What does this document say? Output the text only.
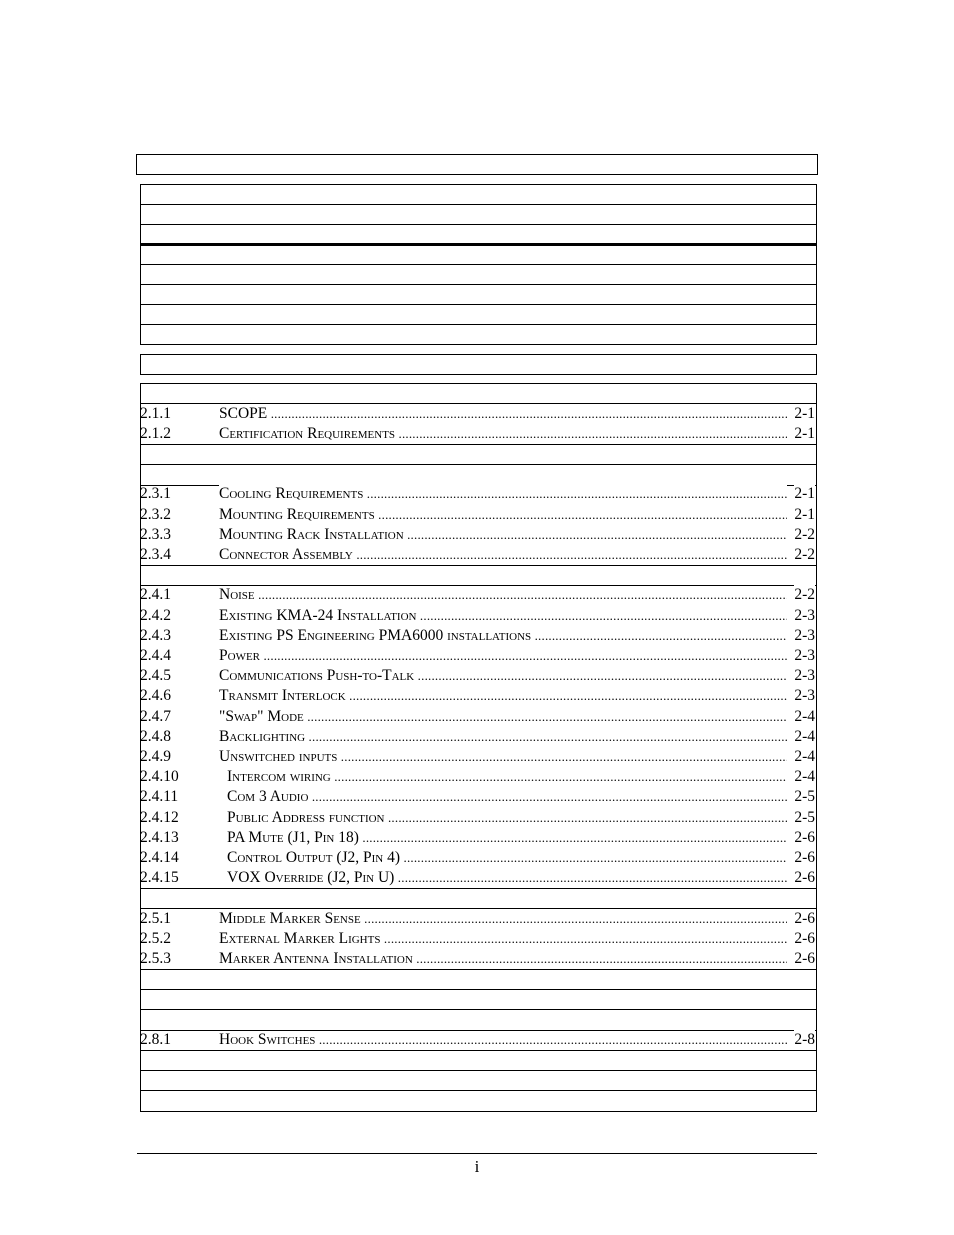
2.1.1	SCOPE .....	2-1
2.1.2	Certification Requirements .....	2-1
2.3.1	Cooling Requirements .....	2-1
2.3.2	Mounting Requirements .....	2-1
2.3.3	Mounting Rack Installation .....	2-2
2.3.4	Connector Assembly .....	2-2
2.4.1	Noise .....	2-2
2.4.2	Existing KMA-24 Installation .....	2-3
2.4.3	Existing PS Engineering PMA6000 installations .....	2-3
2.4.4	Power .....	2-3
2.4.5	Communications Push-to-Talk .....	2-3
2.4.6	Transmit Interlock .....	2-3
2.4.7	"Swap" Mode .....	2-4
2.4.8	Backlighting .....	2-4
2.4.9	Unswitched inputs .....	2-4
2.4.10	Intercom wiring .....	2-4
2.4.11	Com 3 Audio .....	2-5
2.4.12	Public Address function .....	2-5
2.4.13	PA Mute (J1, Pin 18) .....	2-6
2.4.14	Control Output (J2, Pin 4) .....	2-6
2.4.15	VOX Override (J2, Pin U) .....	2-6
2.5.1	Middle Marker Sense .....	2-6
2.5.2	External Marker Lights .....	2-6
2.5.3	Marker Antenna Installation .....	2-6
2.8.1	Hook Switches .....	2-8
i
